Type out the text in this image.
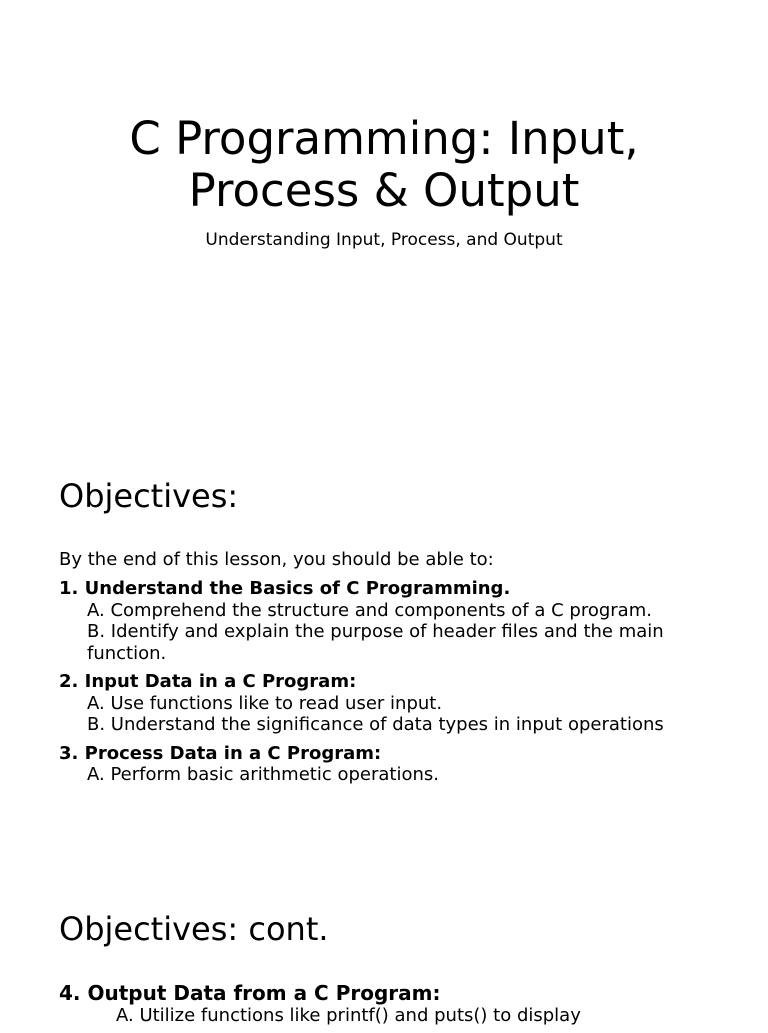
C Programming: Input,
Process & Output
Understanding Input, Process, and Output
Objectives:
By the end of this lesson, you should be able to:
1. Understand the Basics of C Programming.
A. Comprehend the structure and components of a C program.
B. Identify and explain the purpose of header files and the main function.
2. Input Data in a C Program:
A. Use functions like to read user input.
B. Understand the significance of data types in input operations
3. Process Data in a C Program:
A. Perform basic arithmetic operations.
Objectives: cont.
4. Output Data from a C Program:
A. Utilize functions like printf() and puts() to display
